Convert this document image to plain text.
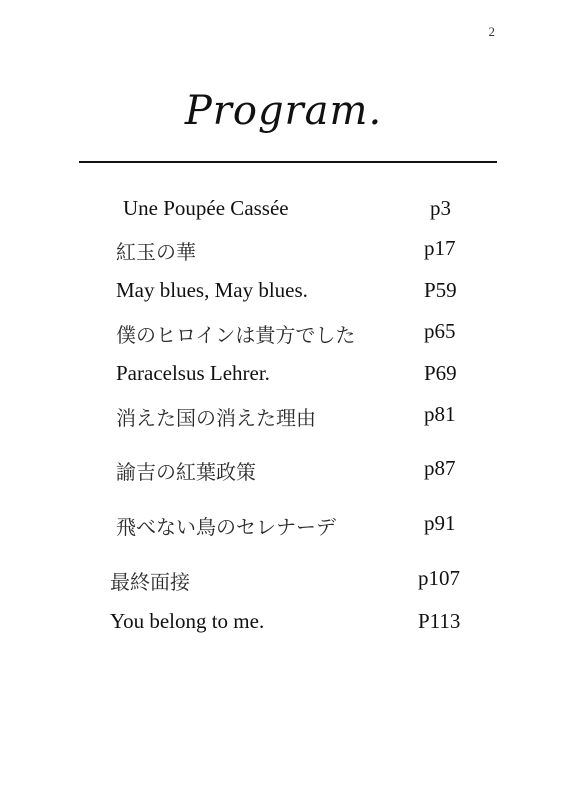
2
Program.
Une Poupée Cassée	p3
紅玉の華	p17
May blues, May blues.	P59
僕のヒロインは貴方でした	p65
Paracelsus Lehrer.	P69
消えた国の消えた理由	p81
諭吉の紅葉政策	p87
飛べない鳥のセレナーデ	p91
最終面接	p107
You belong to me.	P113
